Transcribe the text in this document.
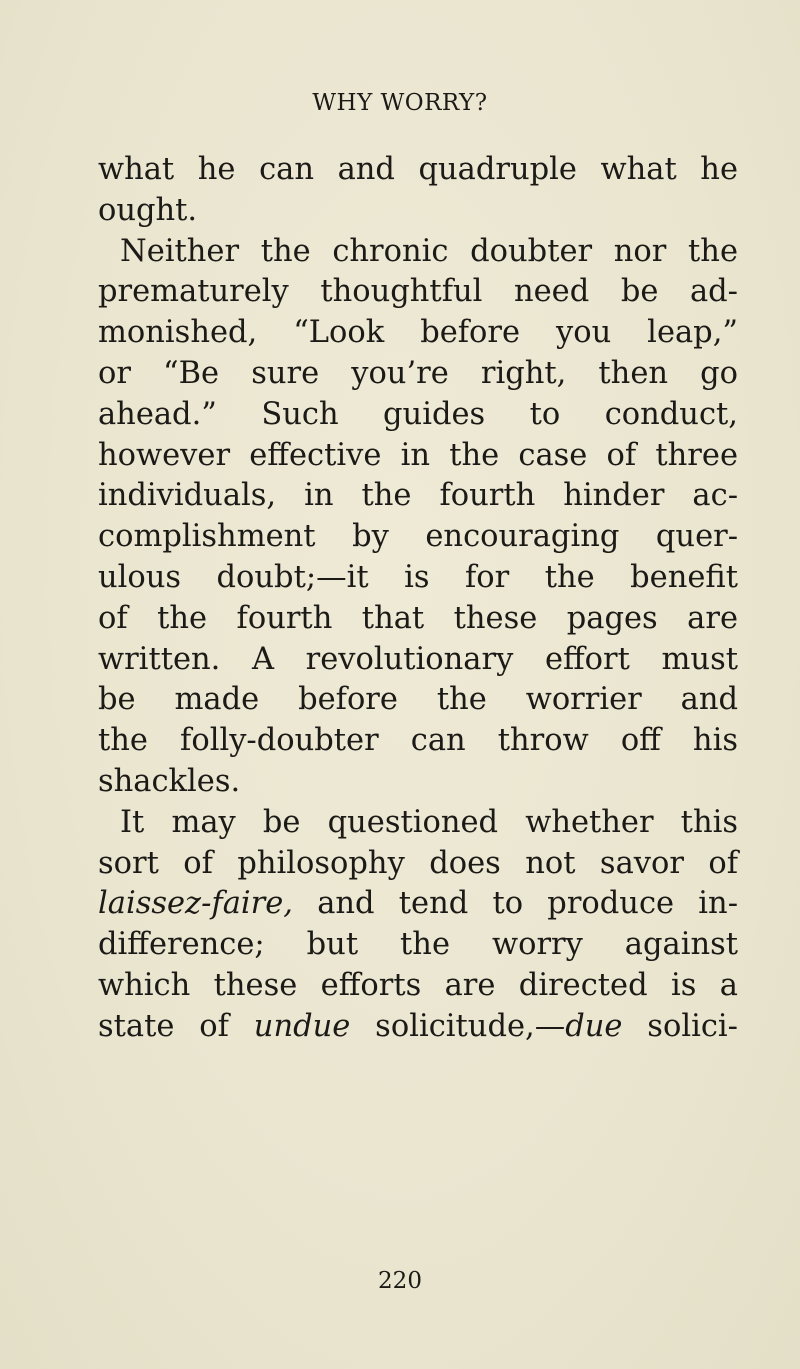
WHY WORRY?
what he can and quadruple what he
ought.
Neither the chronic doubter nor the
prematurely thoughtful need be ad-
monished, “Look before you leap,”
or “Be sure you’re right, then go
ahead.” Such guides to conduct,
however effective in the case of three
individuals, in the fourth hinder ac-
complishment by encouraging quer-
ulous doubt;—it is for the benefit
of the fourth that these pages are
written. A revolutionary effort must
be made before the worrier and
the folly-doubter can throw off his
shackles.
It may be questioned whether this
sort of philosophy does not savor of
laissez-faire, and tend to produce in-
difference; but the worry against
which these efforts are directed is a
state of undue solicitude,—due solici-
220
